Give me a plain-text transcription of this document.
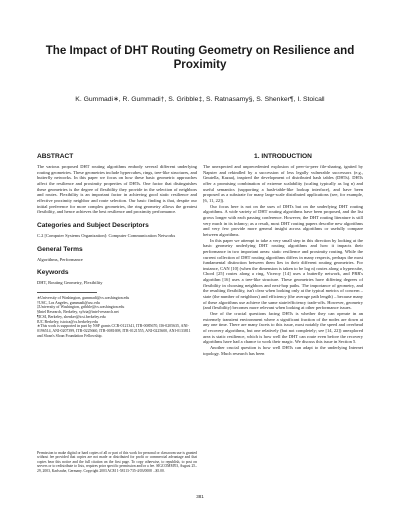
The Impact of DHT Routing Geometry on Resilience and Proximity
K. Gummadi∗, R. Gummadi†, S. Gribble‡, S. Ratnasamy§, S. Shenker¶, I. Stoica‖
ABSTRACT

The various proposed DHT routing algorithms embody several different underlying routing geometries. These geometries include hypercubes, rings, tree-like structures, and butterfly networks. In this paper we focus on how these basic geometric approaches affect the resilience and proximity properties of DHTs. One factor that distinguishes these geometries is the degree of flexibility they provide in the selection of neighbors and routes. Flexibility is an important factor in achieving good static resilience and effective proximity neighbor and route selection. Our basic finding is that, despite our initial preference for more complex geometries, the ring geometry allows the greatest flexibility, and hence achieves the best resilience and proximity performance.

Categories and Subject Descriptors
C.2 [Computer Systems Organization]: Computer Communication Networks
General Terms
Algorithms, Performance
Keywords
DHT, Routing Geometry, Flexibility
∗University of Washington, gummadi@cs.washington.edu
†USC, Los Angeles, gummadi@usc.edu
‡University of Washington, gribble@cs.washington.edu
§Intel Research, Berkeley, sylvia@intel-research.net
¶ICSI, Berkeley, shenker@icsi.berkeley.edu
‖UC Berkeley, istoica@cs.berkeley.edu
∗This work is supported in part by NSF grants CCR-0121341, ITR-0085670, IIS-0205635, ANI-0196514, ANI-0207399, ITR-0225660, ITR-0081698, ITR-0121555, ANI-0225600, ANI-0133811 and Sloan's Sloan Foundation Fellowship.

Permission to make digital or hard copies of all or part of this work for personal or classroom use is granted without fee provided that copies are not made or distributed for profit or commercial advantage and that copies bear this notice and the full citation on the first page. To copy otherwise, to republish, to post on servers or to redistribute to lists, requires prior specific permission and/or a fee. SIGCOMM'03, August 25–29, 2003, Karlsruhe, Germany. Copyright 2003 ACM 1-58113-735-4/03/0008 ...$5.00.

1. INTRODUCTION

The unexpected and unprecedented explosion of peer-to-peer file-sharing, ignited by Napster and rekindled by a succession of less legally vulnerable successors (e.g., Gnutella, Kazaa), inspired the development of distributed hash tables (DHTs). DHTs offer a promising combination of extreme scalability (scaling typically as log n) and useful semantics (supporting a hash-table-like lookup interface), and have been proposed as a substrate for many large-scale distributed applications (see, for example, [6, 11, 22]).

Our focus here is not on the uses of DHTs but on the underlying DHT routing algorithms. A wide variety of DHT routing algorithms have been proposed, and the list grows longer with each passing conference. However, the DHT routing literature is still very much in its infancy; as a result, most DHT routing papers describe new algorithms and very few provide more general insight across algorithms or usefully compare between algorithms.

In this paper we attempt to take a very small step in this direction by looking at the basic geometry underlying DHT routing algorithms and how it impacts their performance in two important areas: static resilience and proximity routing. While the current collection of DHT routing algorithms differs in many respects, perhaps the most fundamental distinction between them lies in their different routing geometries. For instance, CAN [10] (when the dimension is taken to be log n) routes along a hypercube, Chord [25] routes along a ring, Viceroy [14] uses a butterfly network, and PRR's algorithm [16] uses a tree-like structure. These geometries have differing degrees of flexibility in choosing neighbors and next-hop paths. The importance of geometry, and the resulting flexibility, isn't clear when looking only at the typical metrics of concern – state (the number of neighbors) and efficiency (the average path length) – because many of these algorithms use achieve the same state/efficiency trade-offs. However, geometry (and flexibility) becomes more relevant when looking at other performance issues.

One of the crucial questions facing DHTs is whether they can operate in an extremely transient environment where a significant fraction of the nodes are down at any one time. There are many facets to this issue, most notably the speed and overhead of recovery algorithms, but one relatively (but not completely; see [14, 22]) unexplored area is static resilience, which is how well the DHT can route even before the recovery algorithms have had a chance to work their magic. We discuss this issue in Section 5.

Another crucial question is how well DHTs can adapt to the underlying Internet topology. Much research has been

381
